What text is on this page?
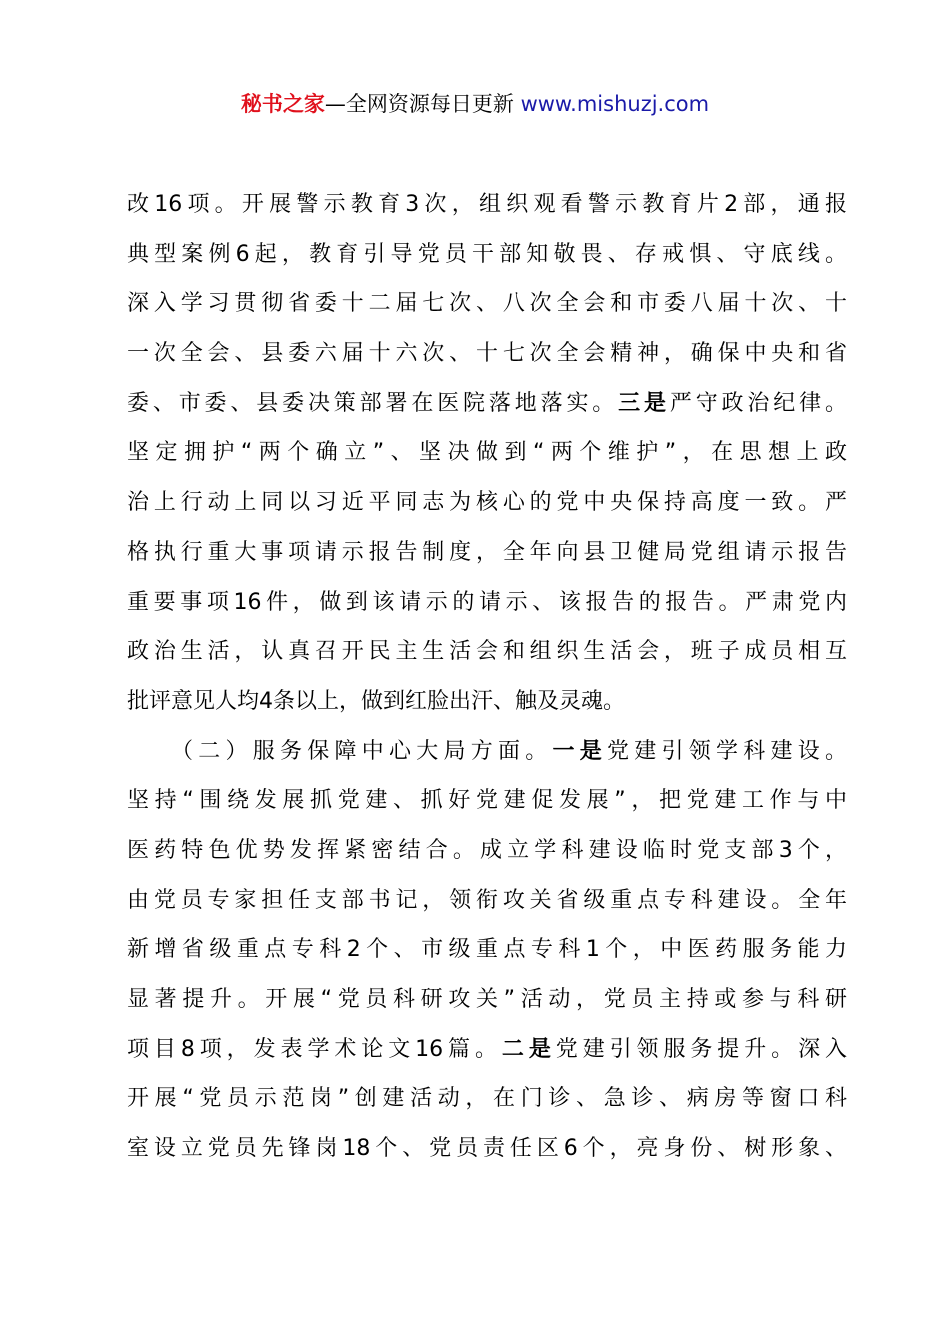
秘书之家—全网资源每日更新 www.mishuzj.com
改16项。开展警示教育3次，组织观看警示教育片2部，通报
典型案例6起，教育引导党员干部知敬畏、存戒惧、守底线。
深入学习贯彻省委十二届七次、八次全会和市委八届十次、十
一次全会、县委六届十六次、十七次全会精神，确保中央和省
委、市委、县委决策部署在医院落地落实。三是严守政治纪律。
坚定拥护“两个确立”、坚决做到“两个维护”，在思想上政
治上行动上同以习近平同志为核心的党中央保持高度一致。严
格执行重大事项请示报告制度，全年向县卫健局党组请示报告
重要事项16件，做到该请示的请示、该报告的报告。严肃党内
政治生活，认真召开民主生活会和组织生活会，班子成员相互
批评意见人均4条以上，做到红脸出汗、触及灵魂。
（二）服务保障中心大局方面。一是党建引领学科建设。
坚持“围绕发展抓党建、抓好党建促发展”，把党建工作与中
医药特色优势发挥紧密结合。成立学科建设临时党支部3个，
由党员专家担任支部书记，领衔攻关省级重点专科建设。全年
新增省级重点专科2个、市级重点专科1个，中医药服务能力
显著提升。开展“党员科研攻关”活动，党员主持或参与科研
项目8项，发表学术论文16篇。二是党建引领服务提升。深入
开展“党员示范岗”创建活动，在门诊、急诊、病房等窗口科
室设立党员先锋岗18个、党员责任区6个，亮身份、树形象、
